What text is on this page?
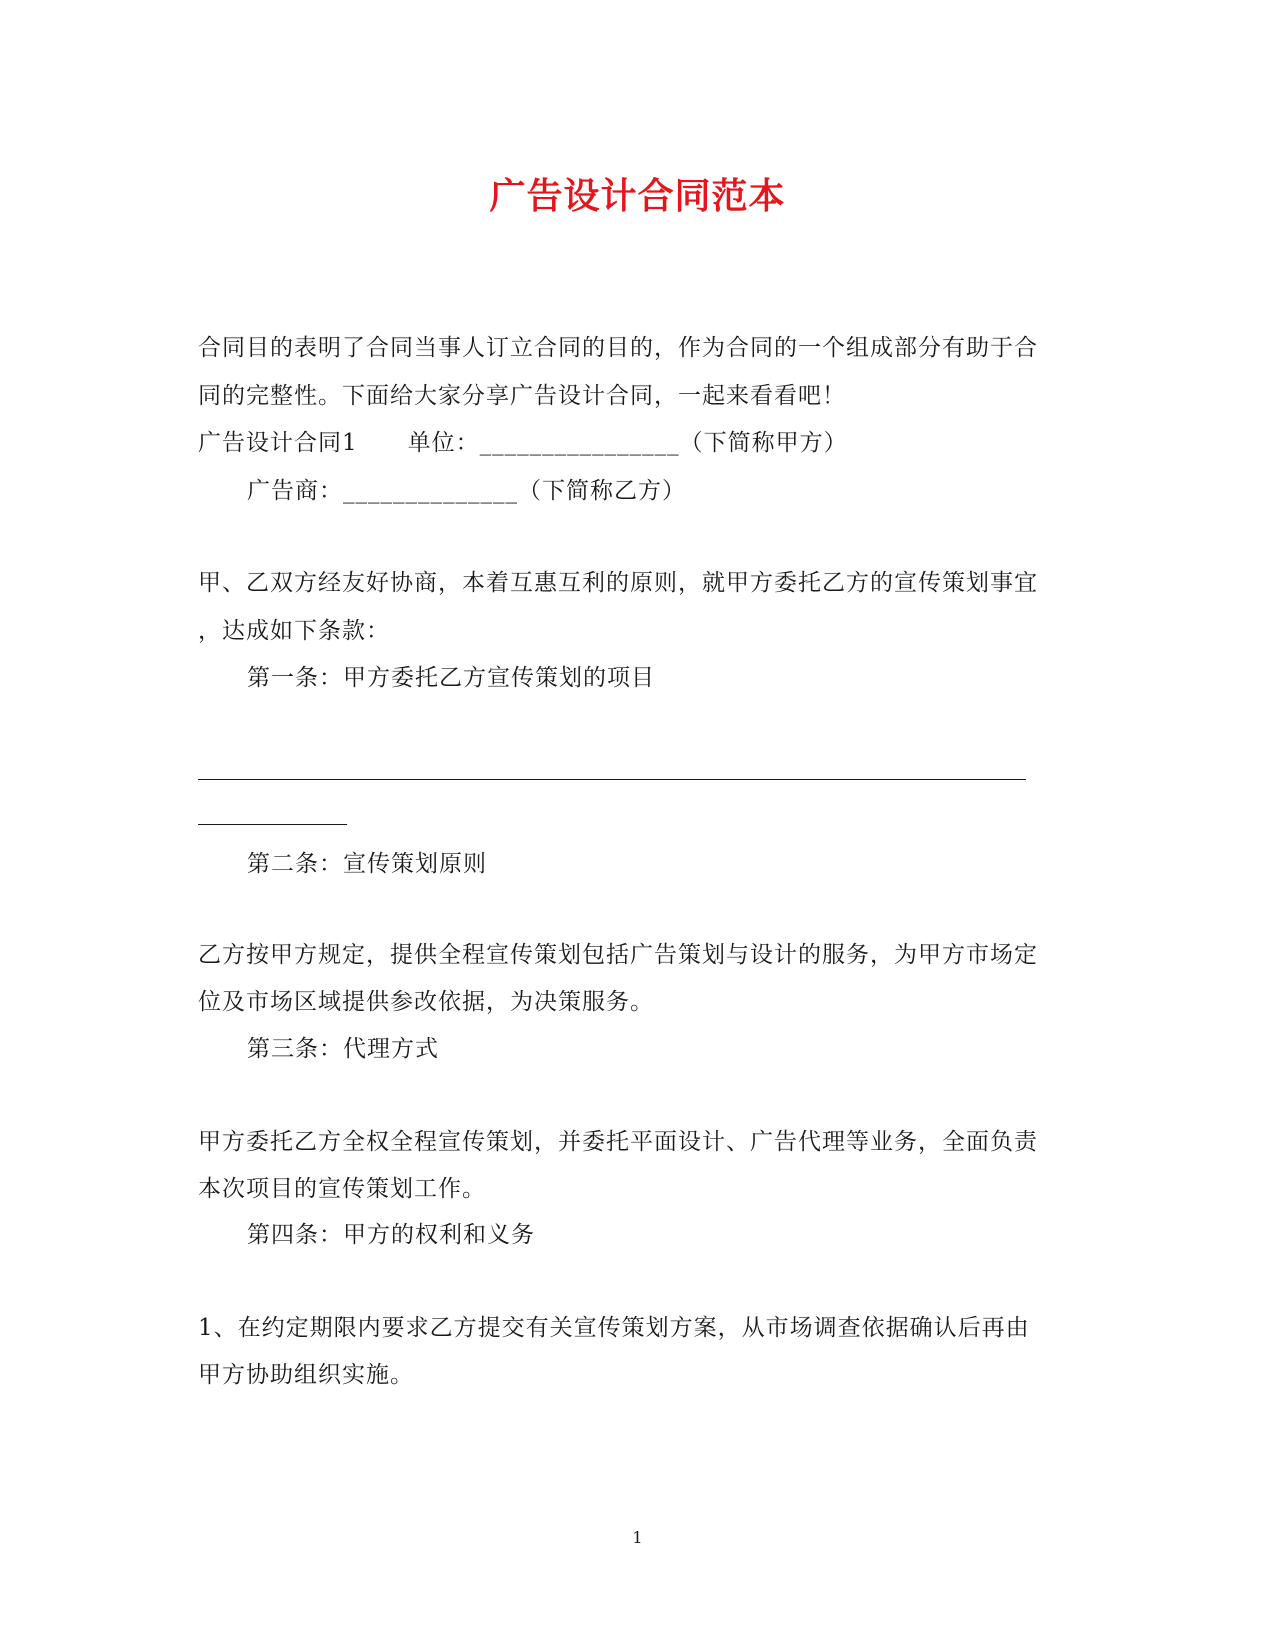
广告设计合同范本
合同目的表明了合同当事人订立合同的目的，作为合同的一个组成部分有助于合
同的完整性。下面给大家分享广告设计合同，一起来看看吧！
广告设计合同1 单位：________________（下简称甲方）
广告商：______________（下简称乙方）
甲、乙双方经友好协商，本着互惠互利的原则，就甲方委托乙方的宣传策划事宜
，达成如下条款：
第一条：甲方委托乙方宣传策划的项目
第二条：宣传策划原则
乙方按甲方规定，提供全程宣传策划包括广告策划与设计的服务，为甲方市场定
位及市场区域提供参改依据，为决策服务。
第三条：代理方式
甲方委托乙方全权全程宣传策划，并委托平面设计、广告代理等业务，全面负责
本次项目的宣传策划工作。
第四条：甲方的权利和义务
1、在约定期限内要求乙方提交有关宣传策划方案，从市场调查依据确认后再由
甲方协助组织实施。
1
